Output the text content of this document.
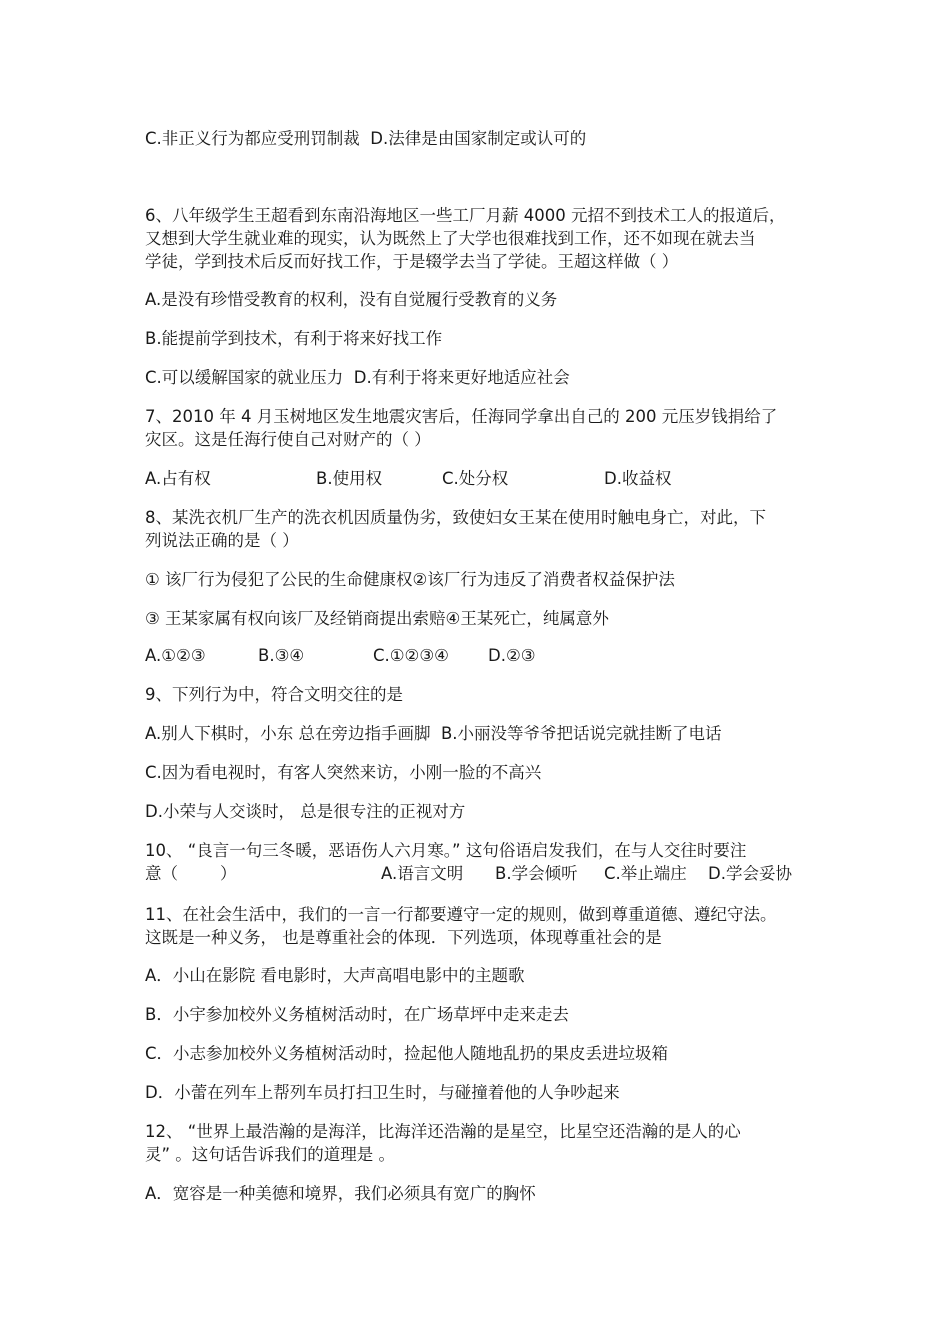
C.非正义行为都应受刑罚制裁  D.法律是由国家制定或认可的
6、八年级学生王超看到东南沿海地区一些工厂月薪 4000 元招不到技术工人的报道后，
又想到大学生就业难的现实，认为既然上了大学也很难找到工作，还不如现在就去当
学徒，学到技术后反而好找工作，于是辍学去当了学徒。王超这样做（ ）
A.是没有珍惜受教育的权利，没有自觉履行受教育的义务
B.能提前学到技术，有利于将来好找工作
C.可以缓解国家的就业压力  D.有利于将来更好地适应社会
7、2010 年 4 月玉树地区发生地震灾害后，任海同学拿出自己的 200 元压岁钱捐给了
灾区。这是任海行使自己对财产的（ ）
A.占有权	B.使用权	C.处分权	D.收益权
8、某洗衣机厂生产的洗衣机因质量伪劣，致使妇女王某在使用时触电身亡，对此，下
列说法正确的是（ ）
① 该厂行为侵犯了公民的生命健康权②该厂行为违反了消费者权益保护法
③ 王某家属有权向该厂及经销商提出索赔④王某死亡，纯属意外
A.①②③	B.③④	C.①②③④ D.②③
9、下列行为中，符合文明交往的是
A.别人下棋时，小东 总在旁边指手画脚  B.小丽没等爷爷把话说完就挂断了电话
C.因为看电视时，有客人突然来访，小刚一脸的不高兴
D.小荣与人交谈时， 总是很专注的正视对方
10、 “良言一句三冬暖，恶语伤人六月寒。” 这句俗语启发我们，在与人交往时要注
意（        ）	A.语言文明 B.学会倾听 C.举止端庄 D.学会妥协
11、在社会生活中，我们的一言一行都要遵守一定的规则，做到尊重道德、遵纪守法。
这既是一种义务， 也是尊重社会的体现．下列选项，体现尊重社会的是
A．小山在影院 看电影时，大声高唱电影中的主题歌
B．小宇参加校外义务植树活动时，在广场草坪中走来走去
C．小志参加校外义务植树活动时，捡起他人随地乱扔的果皮丢进垃圾箱
D．小蕾在列车上帮列车员打扫卫生时，与碰撞着他的人争吵起来
12、 “世界上最浩瀚的是海洋，比海洋还浩瀚的是星空，比星空还浩瀚的是人的心
灵” 。这句话告诉我们的道理是 。
A．宽容是一种美德和境界，我们必须具有宽广的胸怀
